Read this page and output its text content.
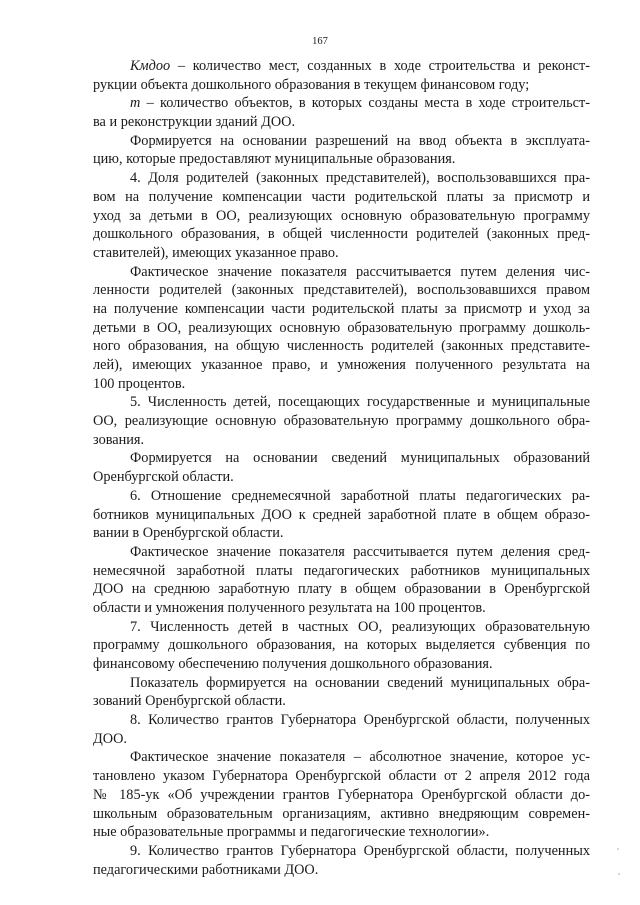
167
Kмдоо – количество мест, созданных в ходе строительства и реконст-
рукции объекта дошкольного образования в текущем финансовом году;
m – количество объектов, в которых созданы места в ходе строительст-
ва и реконструкции зданий ДОО.
Формируется на основании разрешений на ввод объекта в эксплуата-
цию, которые предоставляют муниципальные образования.
4. Доля родителей (законных представителей), воспользовавшихся пра-
вом на получение компенсации части родительской платы за присмотр и
уход за детьми в ОО, реализующих основную образовательную программу
дошкольного образования, в общей численности родителей (законных пред-
ставителей), имеющих указанное право.
Фактическое значение показателя рассчитывается путем деления чис-
ленности родителей (законных представителей), воспользовавшихся правом
на получение компенсации части родительской платы за присмотр и уход за
детьми в ОО, реализующих основную образовательную программу дошколь-
ного образования, на общую численность родителей (законных представите-
лей), имеющих указанное право, и умножения полученного результата на
100 процентов.
5. Численность детей, посещающих государственные и муниципальные
ОО, реализующие основную образовательную программу дошкольного обра-
зования.
Формируется на основании сведений муниципальных образований
Оренбургской области.
6. Отношение среднемесячной заработной платы педагогических ра-
ботников муниципальных ДОО к средней заработной плате в общем образо-
вании в Оренбургской области.
Фактическое значение показателя рассчитывается путем деления сред-
немесячной заработной платы педагогических работников муниципальных
ДОО на среднюю заработную плату в общем образовании в Оренбургской
области и умножения полученного результата на 100 процентов.
7. Численность детей в частных ОО, реализующих образовательную
программу дошкольного образования, на которых выделяется субвенция по
финансовому обеспечению получения дошкольного образования.
Показатель формируется на основании сведений муниципальных обра-
зований Оренбургской области.
8. Количество грантов Губернатора Оренбургской области, полученных
ДОО.
Фактическое значение показателя – абсолютное значение, которое ус-
тановлено указом Губернатора Оренбургской области от 2 апреля 2012 года
№ 185-ук «Об учреждении грантов Губернатора Оренбургской области до-
школьным образовательным организациям, активно внедряющим современ-
ные образовательные программы и педагогические технологии».
9. Количество грантов Губернатора Оренбургской области, полученных
педагогическими работниками ДОО.
